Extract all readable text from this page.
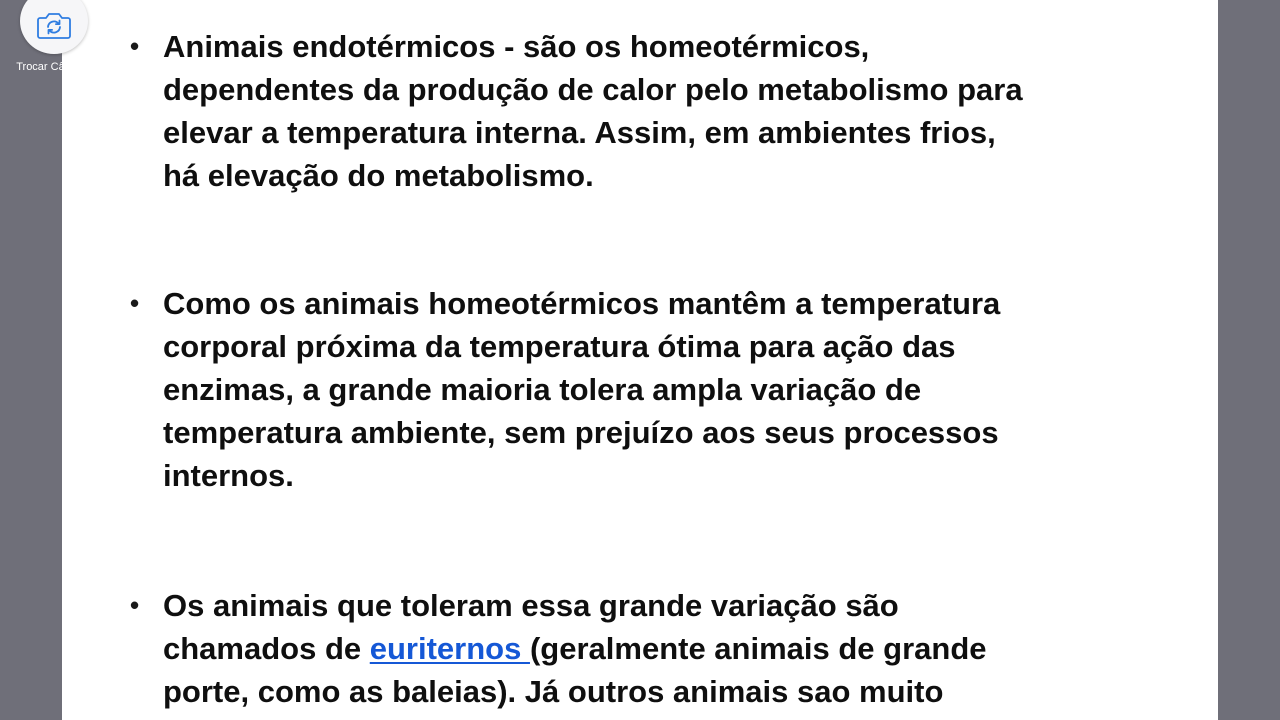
• Animais endotérmicos - são os homeotérmicos,
dependentes da produção de calor pelo metabolismo para
elevar a temperatura interna. Assim, em ambientes frios,
há elevação do metabolismo.

• Como os animais homeotérmicos mantêm a temperatura
corporal próxima da temperatura ótima para ação das
enzimas, a grande maioria tolera ampla variação de
temperatura ambiente, sem prejuízo aos seus processos
internos.

• Os animais que toleram essa grande variação são
chamados de euriternos (geralmente animais de grande
porte, como as baleias). Já outros animais sao muito

Trocar Câmera
